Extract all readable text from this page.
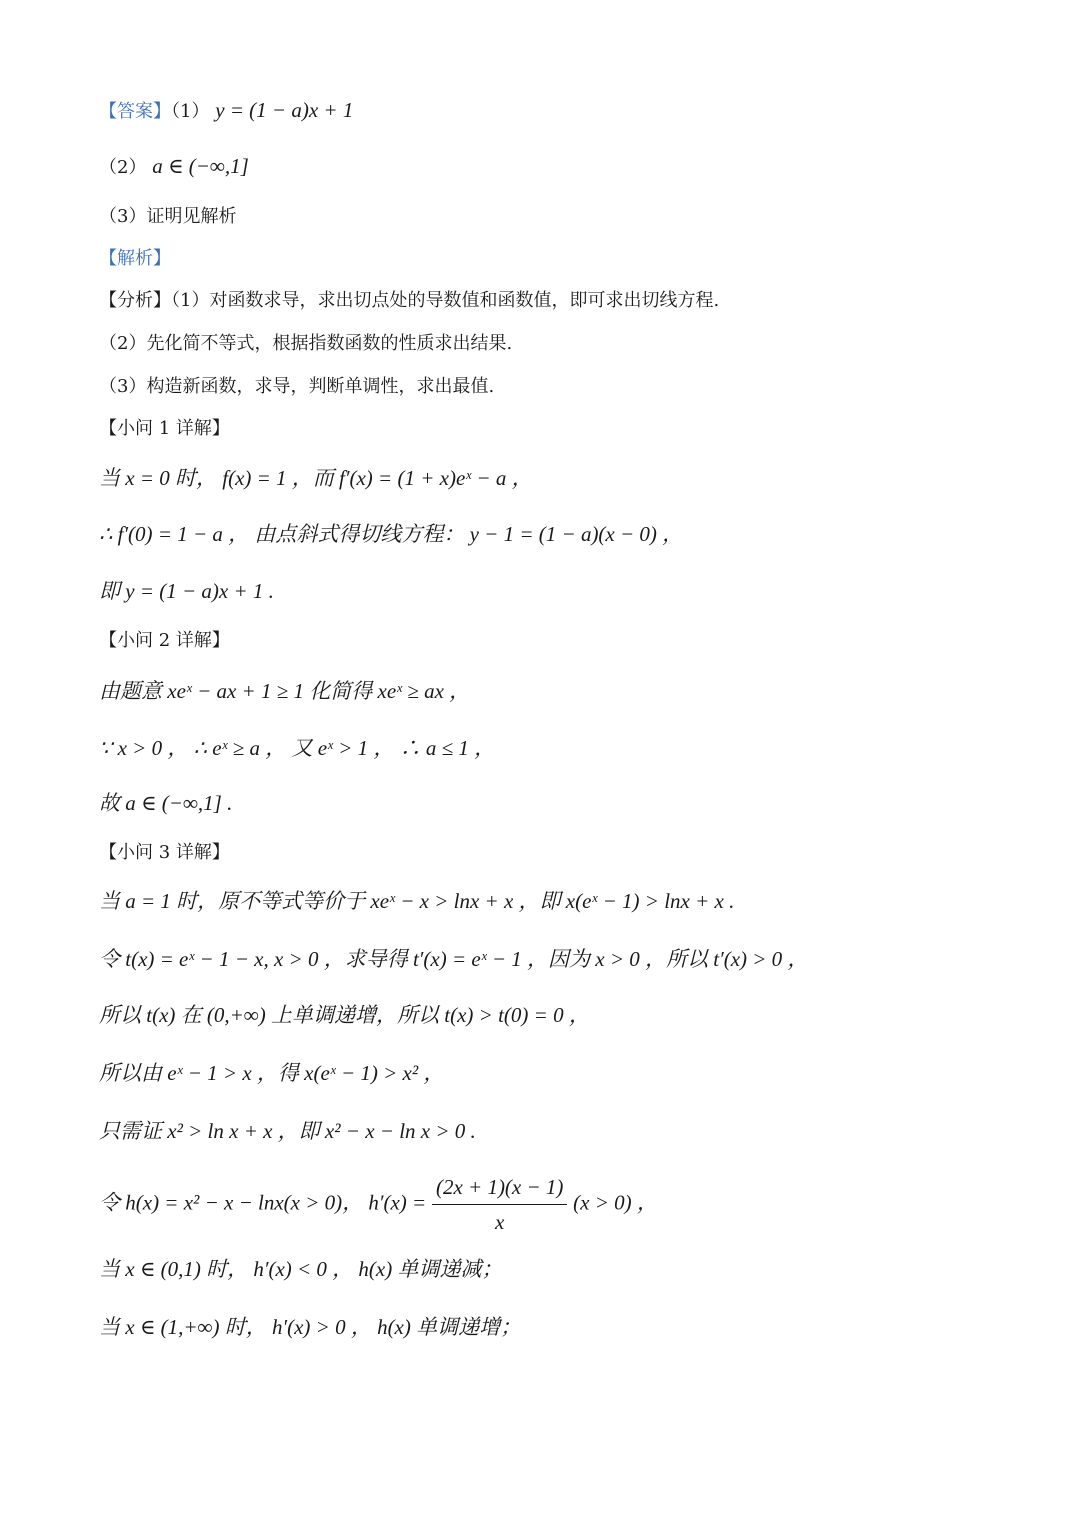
【答案】（1） y = (1 − a)x + 1
（2） a ∈ (−∞,1]
（3）证明见解析
【解析】
【分析】（1）对函数求导，求出切点处的导数值和函数值，即可求出切线方程.
（2）先化简不等式，根据指数函数的性质求出结果.
（3）构造新函数，求导，判断单调性，求出最值.
【小问 1 详解】
当 x = 0 时， f(x) = 1 ，而 f′(x) = (1 + x)eˣ − a ，
∴ f′(0) = 1 − a ， 由点斜式得切线方程： y − 1 = (1 − a)(x − 0) ，
即 y = (1 − a)x + 1 .
【小问 2 详解】
由题意 xeˣ − ax + 1 ≥ 1 化简得 xeˣ ≥ ax ，
∵ x > 0 ， ∴ eˣ ≥ a ， 又 eˣ > 1 ， ∴ a ≤ 1 ，
故 a ∈ (−∞,1] .
【小问 3 详解】
当 a = 1 时，原不等式等价于 xeˣ − x > lnx + x ，即 x(eˣ − 1) > lnx + x .
令 t(x) = eˣ − 1 − x, x > 0 ，求导得 t′(x) = eˣ − 1 ，因为 x > 0 ，所以 t′(x) > 0 ，
所以 t(x) 在 (0,+∞) 上单调递增，所以 t(x) > t(0) = 0 ，
所以由 eˣ − 1 > x ，得 x(eˣ − 1) > x² ，
只需证 x² > ln x + x ，即 x² − x − ln x > 0 .
令 h(x) = x² − x − lnx(x > 0)， $h'(x) = \frac{(2x + 1)(x - 1)}{x} (x > 0)$ ，
当 x ∈ (0,1) 时， h′(x) < 0 ， h(x) 单调递减；
当 x ∈ (1,+∞) 时， h′(x) > 0 ， h(x) 单调递增；
